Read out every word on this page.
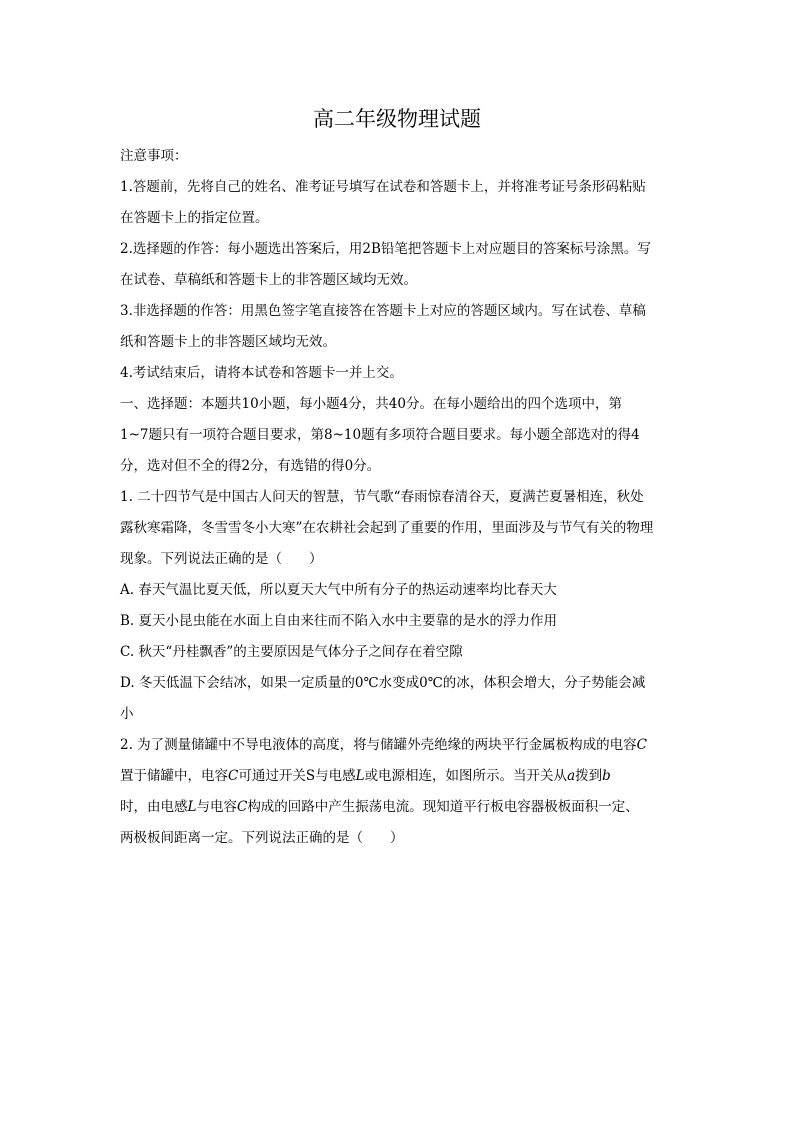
高二年级物理试题
注意事项：
1.答题前，先将自己的姓名、准考证号填写在试卷和答题卡上，并将准考证号条形码粘贴
在答题卡上的指定位置。
2.选择题的作答：每小题选出答案后，用2B铅笔把答题卡上对应题目的答案标号涂黑。写
在试卷、草稿纸和答题卡上的非答题区域均无效。
3.非选择题的作答：用黑色签字笔直接答在答题卡上对应的答题区域内。写在试卷、草稿
纸和答题卡上的非答题区域均无效。
4.考试结束后，请将本试卷和答题卡一并上交。
一、选择题：本题共10小题，每小题4分，共40分。在每小题给出的四个选项中，第
1~7题只有一项符合题目要求，第8~10题有多项符合题目要求。每小题全部选对的得4
分，选对但不全的得2分，有选错的得0分。
1. 二十四节气是中国古人问天的智慧，节气歌“春雨惊春清谷天，夏满芒夏暑相连，秋处
露秋寒霜降，冬雪雪冬小大寒”在农耕社会起到了重要的作用，里面涉及与节气有关的物理
现象。下列说法正确的是（　　）
A. 春天气温比夏天低，所以夏天大气中所有分子的热运动速率均比春天大
B. 夏天小昆虫能在水面上自由来往而不陷入水中主要靠的是水的浮力作用
C. 秋天“丹桂飘香”的主要原因是气体分子之间存在着空隙
D. 冬天低温下会结冰，如果一定质量的0℃水变成0℃的冰，体积会增大，分子势能会减
小
2. 为了测量储罐中不导电液体的高度，将与储罐外壳绝缘的两块平行金属板构成的电容C
置于储罐中，电容C可通过开关S与电感L或电源相连，如图所示。当开关从a拨到b
时，由电感L与电容C构成的回路中产生振荡电流。现知道平行板电容器极板面积一定、
两极板间距离一定。下列说法正确的是（　　）
